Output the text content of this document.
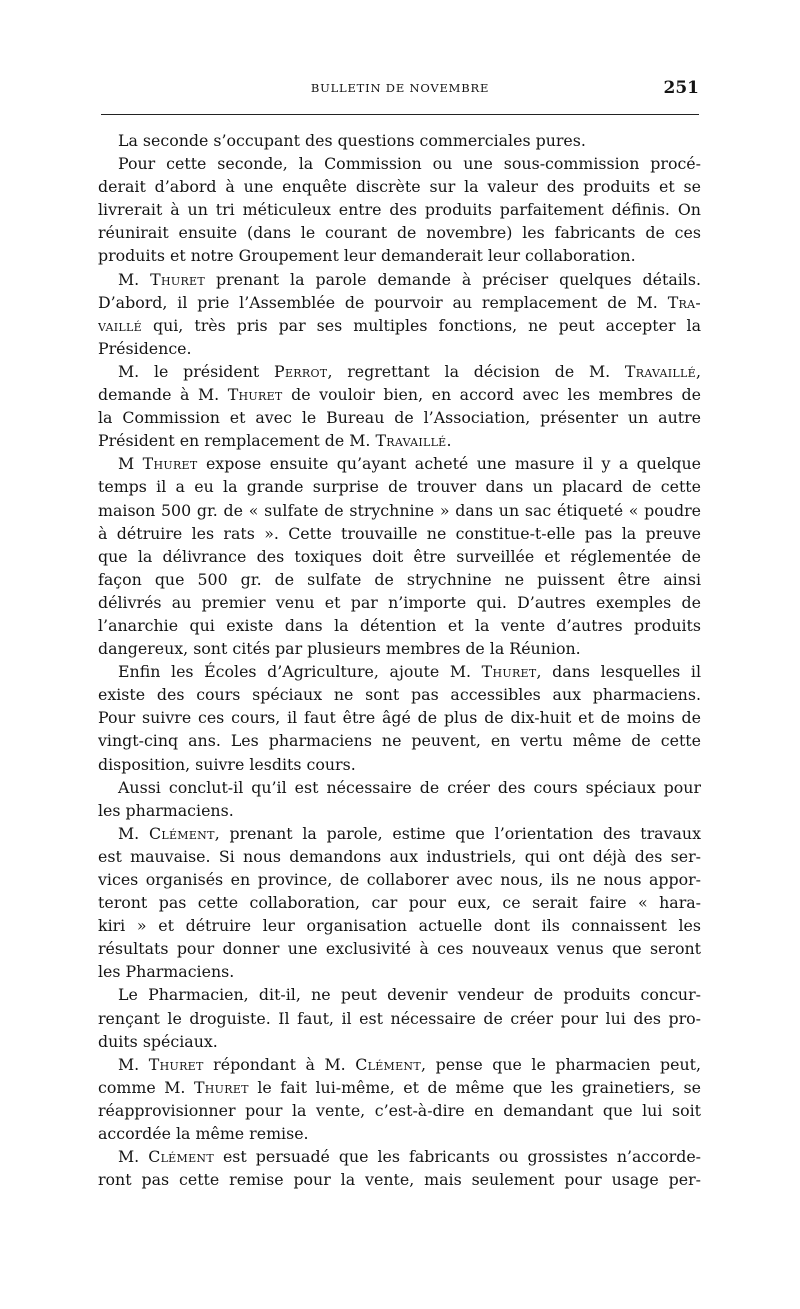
BULLETIN DE NOVEMBRE	251
La seconde s’occupant des questions commerciales pures.
Pour cette seconde, la Commission ou une sous-commission procé-
derait d’abord à une enquête discrète sur la valeur des produits et se
livrerait à un tri méticuleux entre des produits parfaitement définis. On
réunirait ensuite (dans le courant de novembre) les fabricants de ces
produits et notre Groupement leur demanderait leur collaboration.
M. Thuret prenant la parole demande à préciser quelques détails.
D’abord, il prie l’Assemblée de pourvoir au remplacement de M. Tra-
vaillé qui, très pris par ses multiples fonctions, ne peut accepter la
Présidence.
M. le président Perrot, regrettant la décision de M. Travaillé,
demande à M. Thuret de vouloir bien, en accord avec les membres de
la Commission et avec le Bureau de l’Association, présenter un autre
Président en remplacement de M. Travaillé.
M Thuret expose ensuite qu’ayant acheté une masure il y a quelque
temps il a eu la grande surprise de trouver dans un placard de cette
maison 500 gr. de « sulfate de strychnine » dans un sac étiqueté « poudre
à détruire les rats ». Cette trouvaille ne constitue-t-elle pas la preuve
que la délivrance des toxiques doit être surveillée et réglementée de
façon que 500 gr. de sulfate de strychnine ne puissent être ainsi
délivrés au premier venu et par n’importe qui. D’autres exemples de
l’anarchie qui existe dans la détention et la vente d’autres produits
dangereux, sont cités par plusieurs membres de la Réunion.
Enfin les Écoles d’Agriculture, ajoute M. Thuret, dans lesquelles il
existe des cours spéciaux ne sont pas accessibles aux pharmaciens.
Pour suivre ces cours, il faut être âgé de plus de dix-huit et de moins de
vingt-cinq ans. Les pharmaciens ne peuvent, en vertu même de cette
disposition, suivre lesdits cours.
Aussi conclut-il qu’il est nécessaire de créer des cours spéciaux pour
les pharmaciens.
M. Clément, prenant la parole, estime que l’orientation des travaux
est mauvaise. Si nous demandons aux industriels, qui ont déjà des ser-
vices organisés en province, de collaborer avec nous, ils ne nous appor-
teront pas cette collaboration, car pour eux, ce serait faire « hara-
kiri » et détruire leur organisation actuelle dont ils connaissent les
résultats pour donner une exclusivité à ces nouveaux venus que seront
les Pharmaciens.
Le Pharmacien, dit-il, ne peut devenir vendeur de produits concur-
rençant le droguiste. Il faut, il est nécessaire de créer pour lui des pro-
duits spéciaux.
M. Thuret répondant à M. Clément, pense que le pharmacien peut,
comme M. Thuret le fait lui-même, et de même que les grainetiers, se
réapprovisionner pour la vente, c’est-à-dire en demandant que lui soit
accordée la même remise.
M. Clément est persuadé que les fabricants ou grossistes n’accorde-
ront pas cette remise pour la vente, mais seulement pour usage per-
